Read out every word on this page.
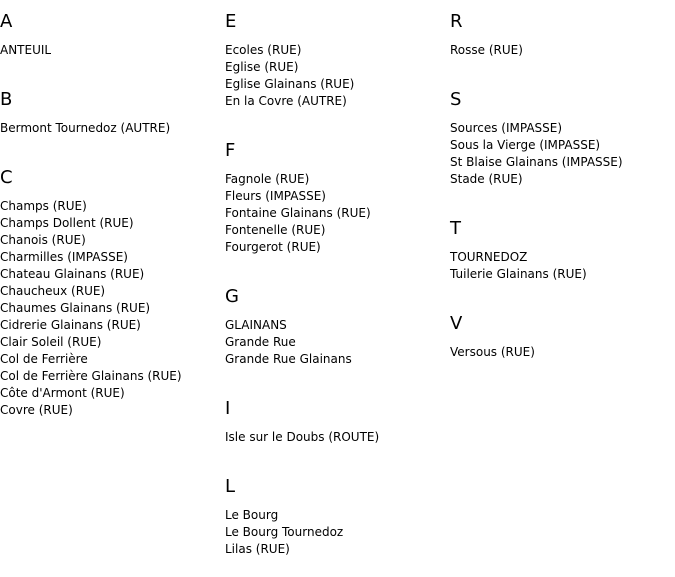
A
ANTEUIL
B
Bermont Tournedoz (AUTRE)
C
Champs (RUE)
Champs Dollent (RUE)
Chanois (RUE)
Charmilles (IMPASSE)
Chateau Glainans (RUE)
Chaucheux (RUE)
Chaumes Glainans (RUE)
Cidrerie Glainans (RUE)
Clair Soleil (RUE)
Col de Ferrière
Col de Ferrière Glainans (RUE)
Côte d'Armont (RUE)
Covre (RUE)
E
Ecoles (RUE)
Eglise (RUE)
Eglise Glainans (RUE)
En la Covre (AUTRE)
F
Fagnole (RUE)
Fleurs (IMPASSE)
Fontaine Glainans (RUE)
Fontenelle (RUE)
Fourgerot (RUE)
G
GLAINANS
Grande Rue
Grande Rue Glainans
I
Isle sur le Doubs (ROUTE)
L
Le Bourg
Le Bourg Tournedoz
Lilas (RUE)
R
Rosse (RUE)
S
Sources (IMPASSE)
Sous la Vierge (IMPASSE)
St Blaise Glainans (IMPASSE)
Stade (RUE)
T
TOURNEDOZ
Tuilerie Glainans (RUE)
V
Versous (RUE)
